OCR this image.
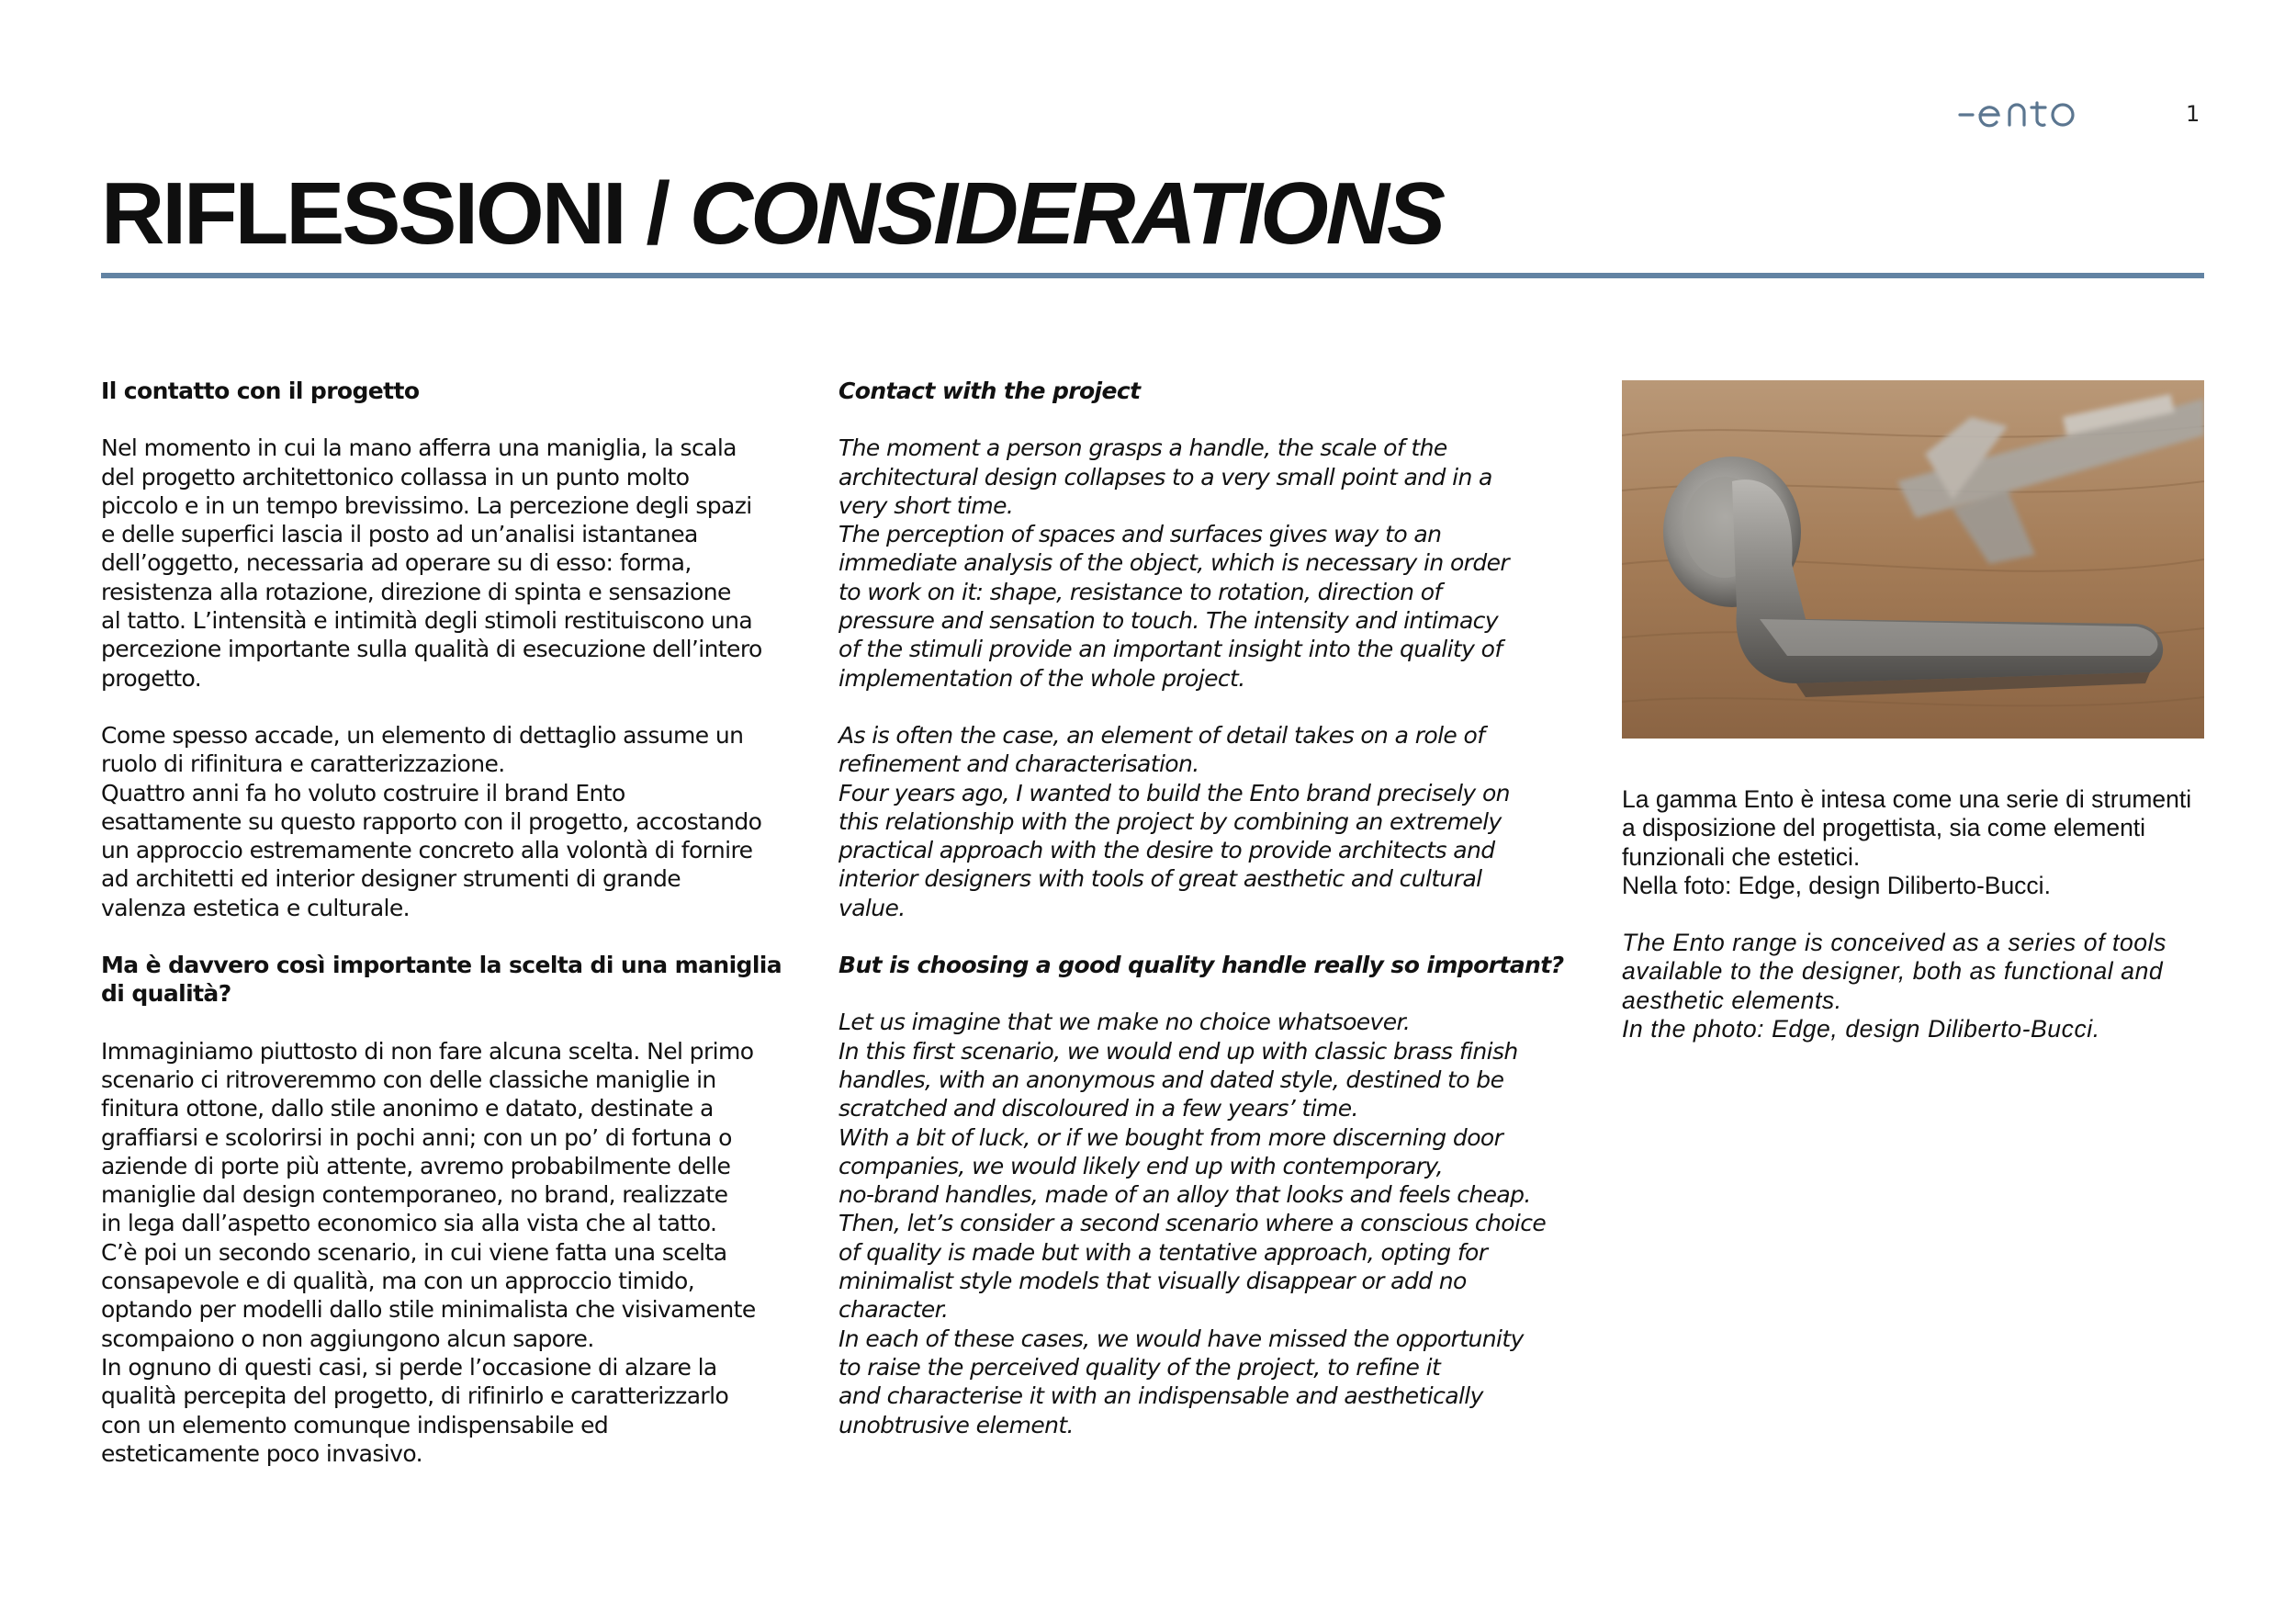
1
RIFLESSIONI / CONSIDERATIONS

Il contatto con il progetto

Nel momento in cui la mano afferra una maniglia, la scala
del progetto architettonico collassa in un punto molto
piccolo e in un tempo brevissimo. La percezione degli spazi
e delle superfici lascia il posto ad un’analisi istantanea
dell’oggetto, necessaria ad operare su di esso: forma,
resistenza alla rotazione, direzione di spinta e sensazione
al tatto. L’intensità e intimità degli stimoli restituiscono una
percezione importante sulla qualità di esecuzione dell’intero
progetto.

Come spesso accade, un elemento di dettaglio assume un
ruolo di rifinitura e caratterizzazione.
Quattro anni fa ho voluto costruire il brand Ento
esattamente su questo rapporto con il progetto, accostando
un approccio estremamente concreto alla volontà di fornire
ad architetti ed interior designer strumenti di grande
valenza estetica e culturale.

Ma è davvero così importante la scelta di una maniglia
di qualità?

Immaginiamo piuttosto di non fare alcuna scelta. Nel primo
scenario ci ritroveremmo con delle classiche maniglie in
finitura ottone, dallo stile anonimo e datato, destinate a
graffiarsi e scolorirsi in pochi anni; con un po’ di fortuna o
aziende di porte più attente, avremo probabilmente delle
maniglie dal design contemporaneo, no brand, realizzate
in lega dall’aspetto economico sia alla vista che al tatto.
C’è poi un secondo scenario, in cui viene fatta una scelta
consapevole e di qualità, ma con un approccio timido,
optando per modelli dallo stile minimalista che visivamente
scompaiono o non aggiungono alcun sapore.
In ognuno di questi casi, si perde l’occasione di alzare la
qualità percepita del progetto, di rifinirlo e caratterizzarlo
con un elemento comunque indispensabile ed
esteticamente poco invasivo.

Contact with the project

The moment a person grasps a handle, the scale of the
architectural design collapses to a very small point and in a
very short time.
The perception of spaces and surfaces gives way to an
immediate analysis of the object, which is necessary in order
to work on it: shape, resistance to rotation, direction of
pressure and sensation to touch. The intensity and intimacy
of the stimuli provide an important insight into the quality of
implementation of the whole project.

As is often the case, an element of detail takes on a role of
refinement and characterisation.
Four years ago, I wanted to build the Ento brand precisely on
this relationship with the project by combining an extremely
practical approach with the desire to provide architects and
interior designers with tools of great aesthetic and cultural
value.

But is choosing a good quality handle really so important?

Let us imagine that we make no choice whatsoever.
In this first scenario, we would end up with classic brass finish
handles, with an anonymous and dated style, destined to be
scratched and discoloured in a few years’ time.
With a bit of luck, or if we bought from more discerning door
companies, we would likely end up with contemporary,
no-brand handles, made of an alloy that looks and feels cheap.
Then, let’s consider a second scenario where a conscious choice
of quality is made but with a tentative approach, opting for
minimalist style models that visually disappear or add no
character.
In each of these cases, we would have missed the opportunity
to raise the perceived quality of the project, to refine it
and characterise it with an indispensable and aesthetically
unobtrusive element.

La gamma Ento è intesa come una serie di strumenti
a disposizione del progettista, sia come elementi
funzionali che estetici.
Nella foto: Edge, design Diliberto-Bucci.

The Ento range is conceived as a series of tools
available to the designer, both as functional and
aesthetic elements.
In the photo: Edge, design Diliberto-Bucci.
